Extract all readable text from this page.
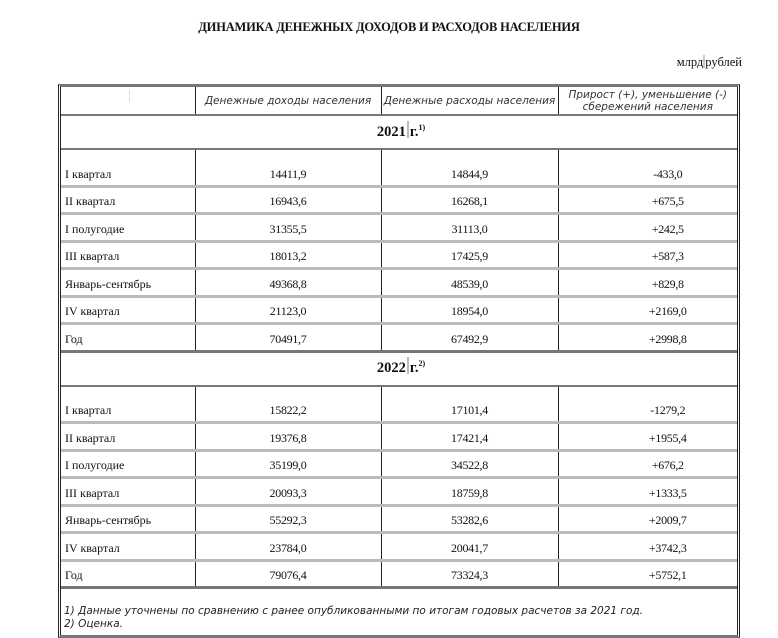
ДИНАМИКА ДЕНЕЖНЫХ ДОХОДОВ И РАСХОДОВ НАСЕЛЕНИЯ
млрд рублей
	Денежные доходы населения	Денежные расходы населения	Прирост (+), уменьшение (-) сбережений населения
2021 г.$^{1)}$

I квартал	14411,9	14844,9	-433,0
II квартал	16943,6	16268,1	+675,5
I полугодие	31355,5	31113,0	+242,5
III квартал	18013,2	17425,9	+587,3
Январь-сентябрь	49368,8	48539,0	+829,8
IV квартал	21123,0	18954,0	+2169,0
Год	70491,7	67492,9	+2998,8
2022 г.$^{2)}$

I квартал	15822,2	17101,4	-1279,2
II квартал	19376,8	17421,4	+1955,4
I полугодие	35199,0	34522,8	+676,2
III квартал	20093,3	18759,8	+1333,5
Январь-сентябрь	55292,3	53282,6	+2009,7
IV квартал	23784,0	20041,7	+3742,3
Год	79076,4	73324,3	+5752,1
1) Данные уточнены по сравнению с ранее опубликованными по итогам годовых расчетов за 2021 год.
2) Оценка.
